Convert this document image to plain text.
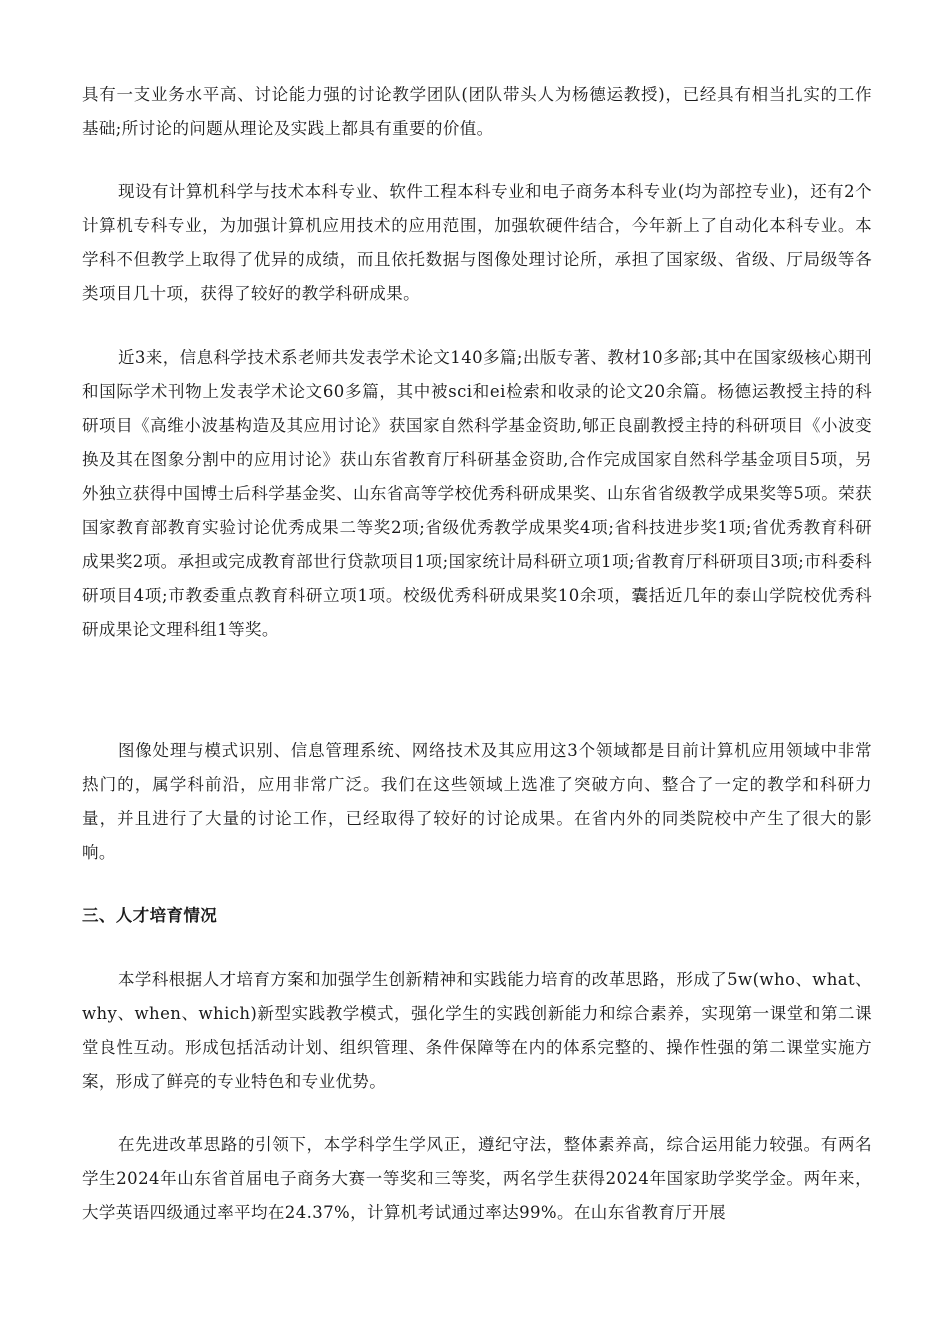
具有一支业务水平高、讨论能力强的讨论教学团队(团队带头人为杨德运教授)，已经具有相当扎实的工作基础;所讨论的问题从理论及实践上都具有重要的价值。

现设有计算机科学与技术本科专业、软件工程本科专业和电子商务本科专业(均为部控专业)，还有2个计算机专科专业，为加强计算机应用技术的应用范围，加强软硬件结合，今年新上了自动化本科专业。本学科不但教学上取得了优异的成绩，而且依托数据与图像处理讨论所，承担了国家级、省级、厅局级等各类项目几十项，获得了较好的教学科研成果。

近3来，信息科学技术系老师共发表学术论文140多篇;出版专著、教材10多部;其中在国家级核心期刊和国际学术刊物上发表学术论文60多篇，其中被sci和ei检索和收录的论文20余篇。杨德运教授主持的科研项目《高维小波基构造及其应用讨论》获国家自然科学基金资助,郇正良副教授主持的科研项目《小波变换及其在图象分割中的应用讨论》获山东省教育厅科研基金资助,合作完成国家自然科学基金项目5项，另外独立获得中国博士后科学基金奖、山东省高等学校优秀科研成果奖、山东省省级教学成果奖等5项。荣获国家教育部教育实验讨论优秀成果二等奖2项;省级优秀教学成果奖4项;省科技进步奖1项;省优秀教育科研成果奖2项。承担或完成教育部世行贷款项目1项;国家统计局科研立项1项;省教育厅科研项目3项;市科委科研项目4项;市教委重点教育科研立项1项。校级优秀科研成果奖10余项，囊括近几年的泰山学院校优秀科研成果论文理科组1等奖。

图像处理与模式识别、信息管理系统、网络技术及其应用这3个领域都是目前计算机应用领域中非常热门的，属学科前沿，应用非常广泛。我们在这些领域上选准了突破方向、整合了一定的教学和科研力量，并且进行了大量的讨论工作，已经取得了较好的讨论成果。在省内外的同类院校中产生了很大的影响。

三、人才培育情况

本学科根据人才培育方案和加强学生创新精神和实践能力培育的改革思路，形成了5w(who、what、why、when、which)新型实践教学模式，强化学生的实践创新能力和综合素养，实现第一课堂和第二课堂良性互动。形成包括活动计划、组织管理、条件保障等在内的体系完整的、操作性强的第二课堂实施方案，形成了鲜亮的专业特色和专业优势。

在先进改革思路的引领下，本学科学生学风正，遵纪守法，整体素养高，综合运用能力较强。有两名学生2024年山东省首届电子商务大赛一等奖和三等奖，两名学生获得2024年国家助学奖学金。两年来，大学英语四级通过率平均在24.37%，计算机考试通过率达99%。在山东省教育厅开展
